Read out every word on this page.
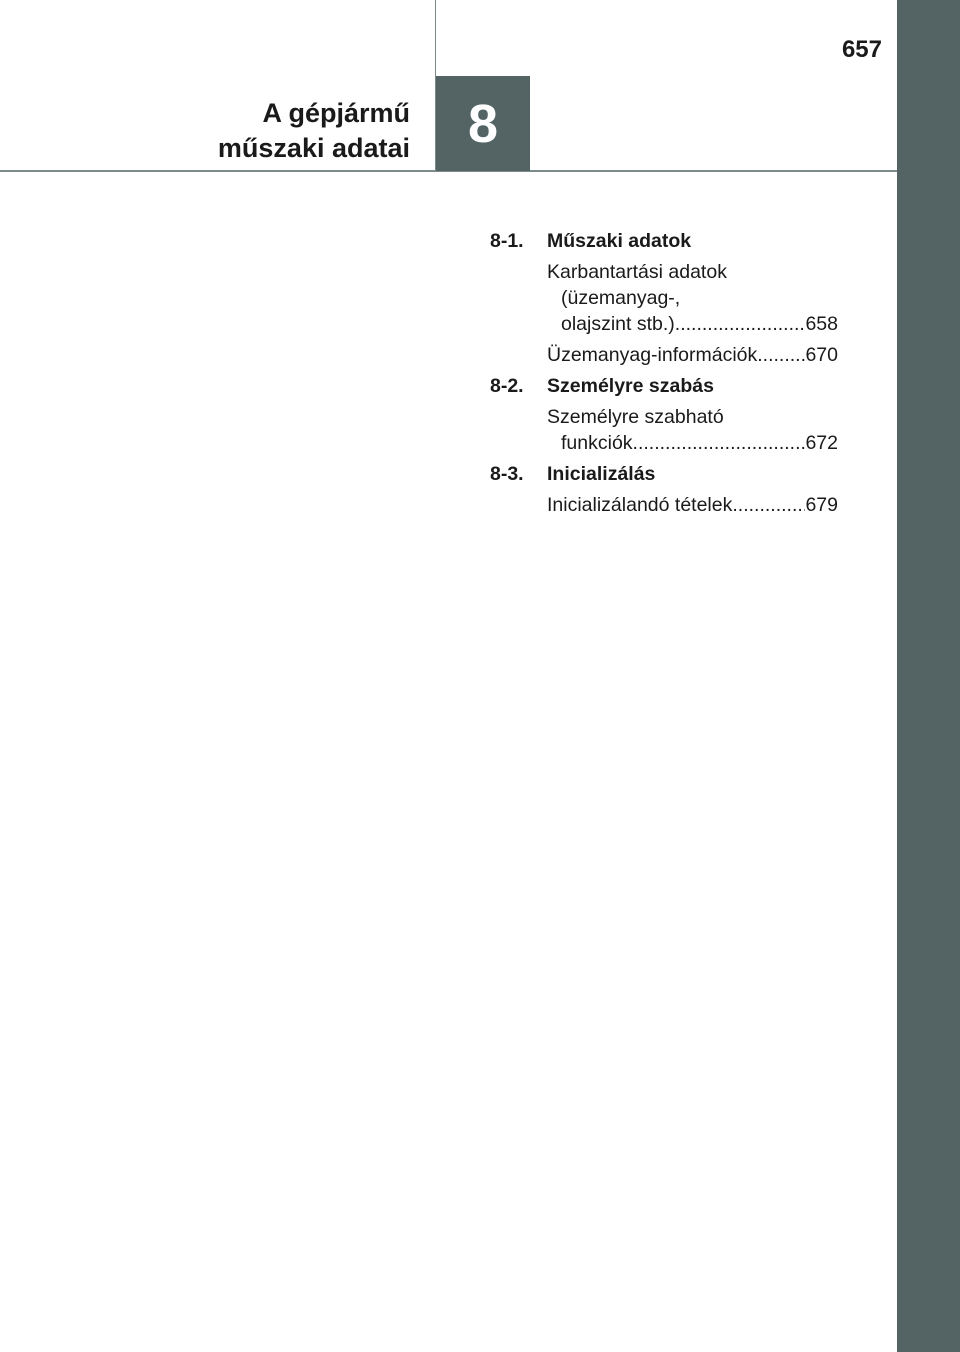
657
8
A gépjármű
műszaki adatai
8-1.	Műszaki adatok
Karbantartási adatok
(üzemanyag-,
olajszint stb.) .....	658
Üzemanyag-információk ..... 670
8-2.	Személyre szabás
Személyre szabható
funkciók .....	672
8-3.	Inicializálás
Inicializálandó tételek .....	679
